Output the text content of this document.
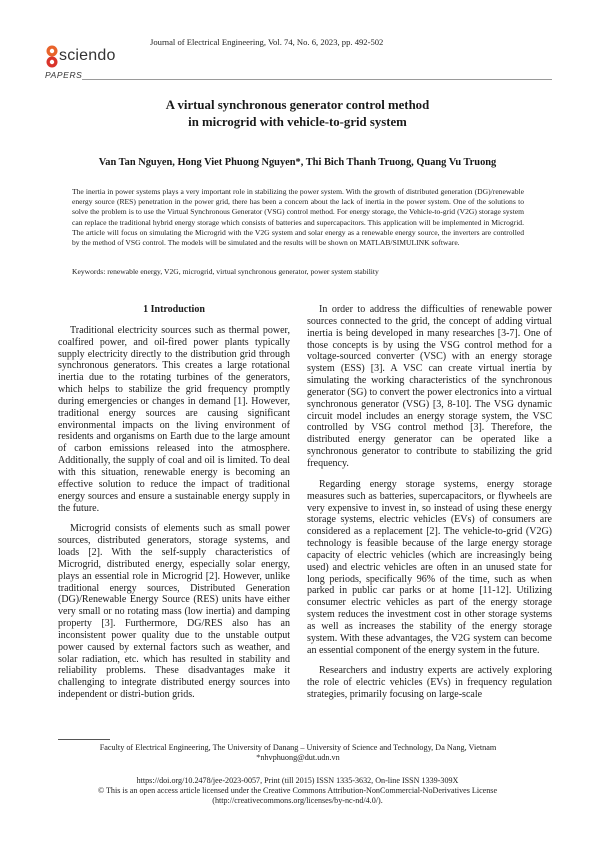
Journal of Electrical Engineering, Vol. 74, No. 6, 2023, pp. 492-502
sciendo
PAPERS
A virtual synchronous generator control method
in microgrid with vehicle-to-grid system
Van Tan Nguyen, Hong Viet Phuong Nguyen*, Thi Bich Thanh Truong, Quang Vu Truong
The inertia in power systems plays a very important role in stabilizing the power system. With the growth of distributed generation (DG)/renewable energy source (RES) penetration in the power grid, there has been a concern about the lack of inertia in the power system. One of the solutions to solve the problem is to use the Virtual Synchronous Generator (VSG) control method. For energy storage, the Vehicle-to-grid (V2G) storage system can replace the traditional hybrid energy storage which consists of batteries and supercapacitors. This application will be implemented in Microgrid. The article will focus on simulating the Microgrid with the V2G system and solar energy as a renewable energy source, the inverters are controlled by the method of VSG control. The models will be simulated and the results will be shown on MATLAB/SIMULINK software.
Keywords: renewable energy, V2G, microgrid, virtual synchronous generator, power system stability
1 Introduction

Traditional electricity sources such as thermal power, coalfired power, and oil-fired power plants typically supply electricity directly to the distribution grid through synchronous generators. This creates a large rotational inertia due to the rotating turbines of the generators, which helps to stabilize the grid frequency promptly during emergencies or changes in demand [1]. However, traditional energy sources are causing significant environmental impacts on the living environment of residents and organisms on Earth due to the large amount of carbon emissions released into the atmosphere. Additionally, the supply of coal and oil is limited. To deal with this situation, renewable energy is becoming an effective solution to reduce the impact of traditional energy sources and ensure a sustainable energy supply in the future.

Microgrid consists of elements such as small power sources, distributed generators, storage systems, and loads [2]. With the self-supply characteristics of Microgrid, distributed energy, especially solar energy, plays an essential role in Microgrid [2]. However, unlike traditional energy sources, Distributed Generation (DG)/Renewable Energy Source (RES) units have either very small or no rotating mass (low inertia) and damping property [3]. Furthermore, DG/RES also has an inconsistent power quality due to the unstable output power caused by external factors such as weather, and solar radiation, etc. which has resulted in stability and reliability problems. These disadvantages make it challenging to integrate distributed energy sources into independent or distri-bution grids.

In order to address the difficulties of renewable power sources connected to the grid, the concept of adding virtual inertia is being developed in many researches [3-7]. One of those concepts is by using the VSG control method for a voltage-sourced converter (VSC) with an energy storage system (ESS) [3]. A VSC can create virtual inertia by simulating the working characteristics of the synchronous generator (SG) to convert the power electronics into a virtual synchronous generator (VSG) [3, 8-10]. The VSG dynamic circuit model includes an energy storage system, the VSC controlled by VSG control method [3]. Therefore, the distributed energy generator can be operated like a synchronous generator to contribute to stabilizing the grid frequency.

Regarding energy storage systems, energy storage measures such as batteries, supercapacitors, or flywheels are very expensive to invest in, so instead of using these energy storage systems, electric vehicles (EVs) of consumers are considered as a replacement [2]. The vehicle-to-grid (V2G) technology is feasible because of the large energy storage capacity of electric vehicles (which are increasingly being used) and electric vehicles are often in an unused state for long periods, specifically 96% of the time, such as when parked in public car parks or at home [11-12]. Utilizing consumer electric vehicles as part of the energy storage system reduces the investment cost in other storage systems as well as increases the stability of the energy storage system. With these advantages, the V2G system can become an essential component of the energy system in the future.

Researchers and industry experts are actively exploring the role of electric vehicles (EVs) in frequency regulation strategies, primarily focusing on large-scale

Faculty of Electrical Engineering, The University of Danang – University of Science and Technology, Da Nang, Vietnam
*nhvphuong@dut.udn.vn
https://doi.org/10.2478/jee-2023-0057, Print (till 2015) ISSN 1335-3632, On-line ISSN 1339-309X
© This is an open access article licensed under the Creative Commons Attribution-NonCommercial-NoDerivatives License
(http://creativecommons.org/licenses/by-nc-nd/4.0/).
